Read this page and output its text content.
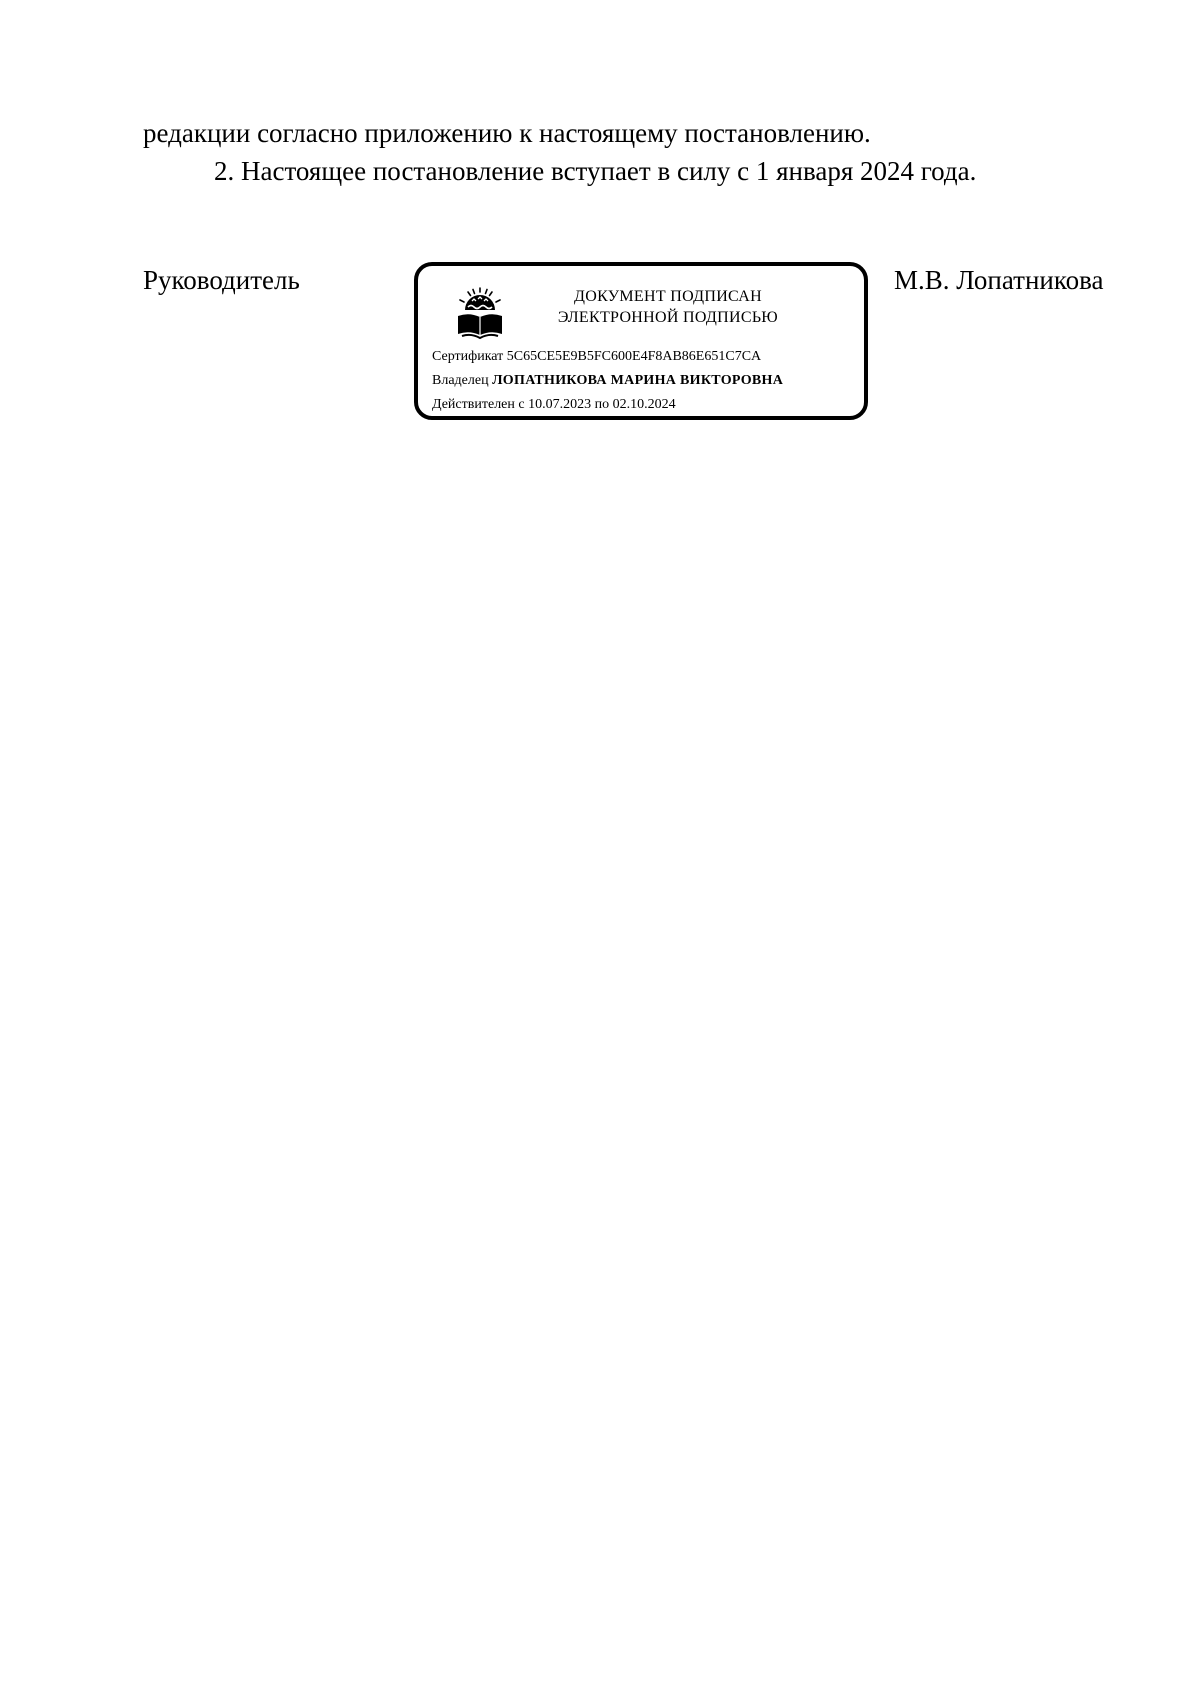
редакции согласно приложению к настоящему постановлению.
2. Настоящее постановление вступает в силу с 1 января 2024 года.
Руководитель
ДОКУМЕНТ ПОДПИСАН
ЭЛЕКТРОННОЙ ПОДПИСЬЮ
Сертификат 5C65CE5E9B5FC600E4F8AB86E651C7CA
Владелец ЛОПАТНИКОВА МАРИНА ВИКТОРОВНА
Действителен с 10.07.2023 по 02.10.2024
М.В. Лопатникова
